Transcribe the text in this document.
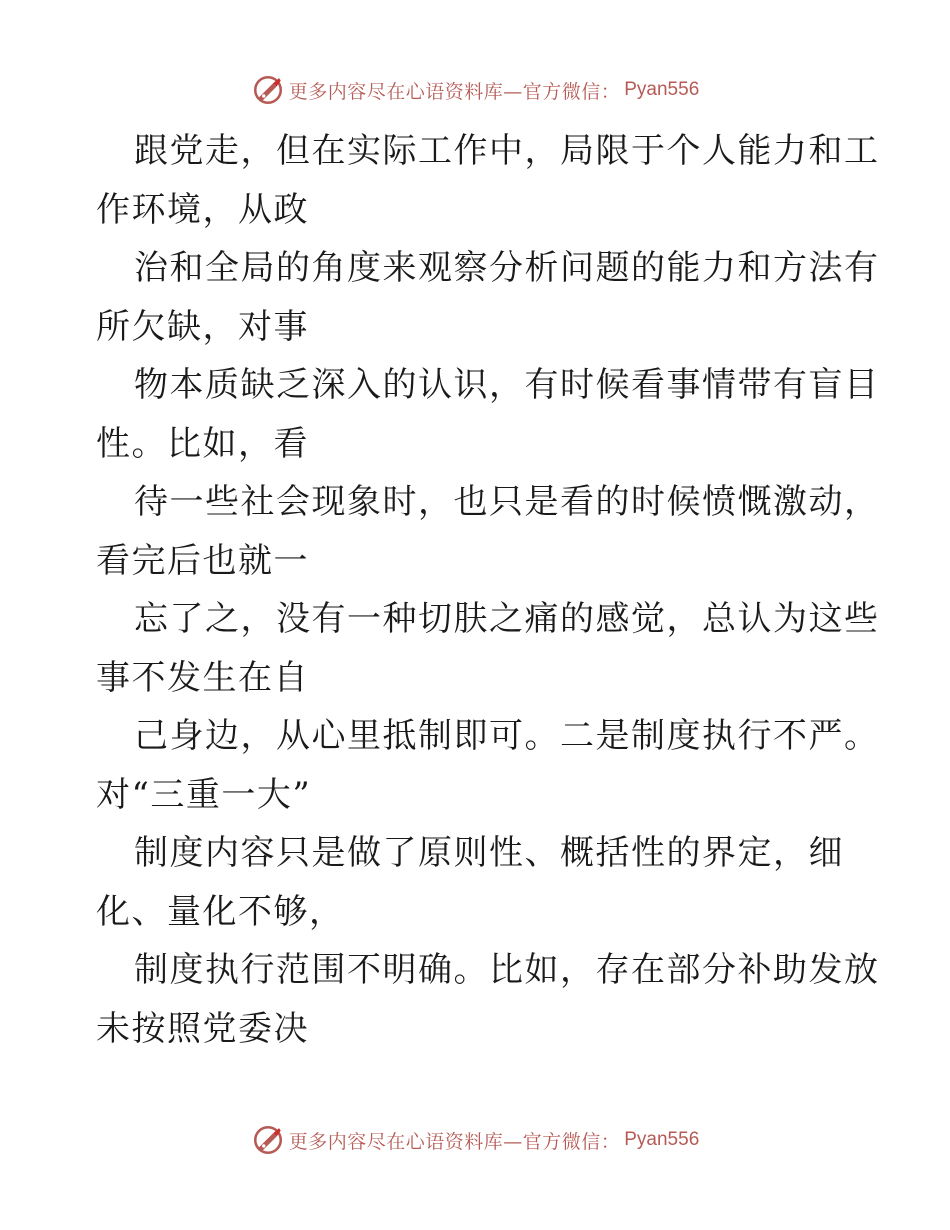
更多内容尽在心语资料库—官方微信： Pyan556
跟党走，但在实际工作中，局限于个人能力和工
作环境，从政
治和全局的角度来观察分析问题的能力和方法有
所欠缺，对事
物本质缺乏深入的认识，有时候看事情带有盲目
性。比如，看
待一些社会现象时，也只是看的时候愤慨激动，
看完后也就一
忘了之，没有一种切肤之痛的感觉，总认为这些
事不发生在自
己身边，从心里抵制即可。二是制度执行不严。
对“三重一大”
制度内容只是做了原则性、概括性的界定，细
化、量化不够，
制度执行范围不明确。比如，存在部分补助发放
未按照党委决
更多内容尽在心语资料库—官方微信： Pyan556
